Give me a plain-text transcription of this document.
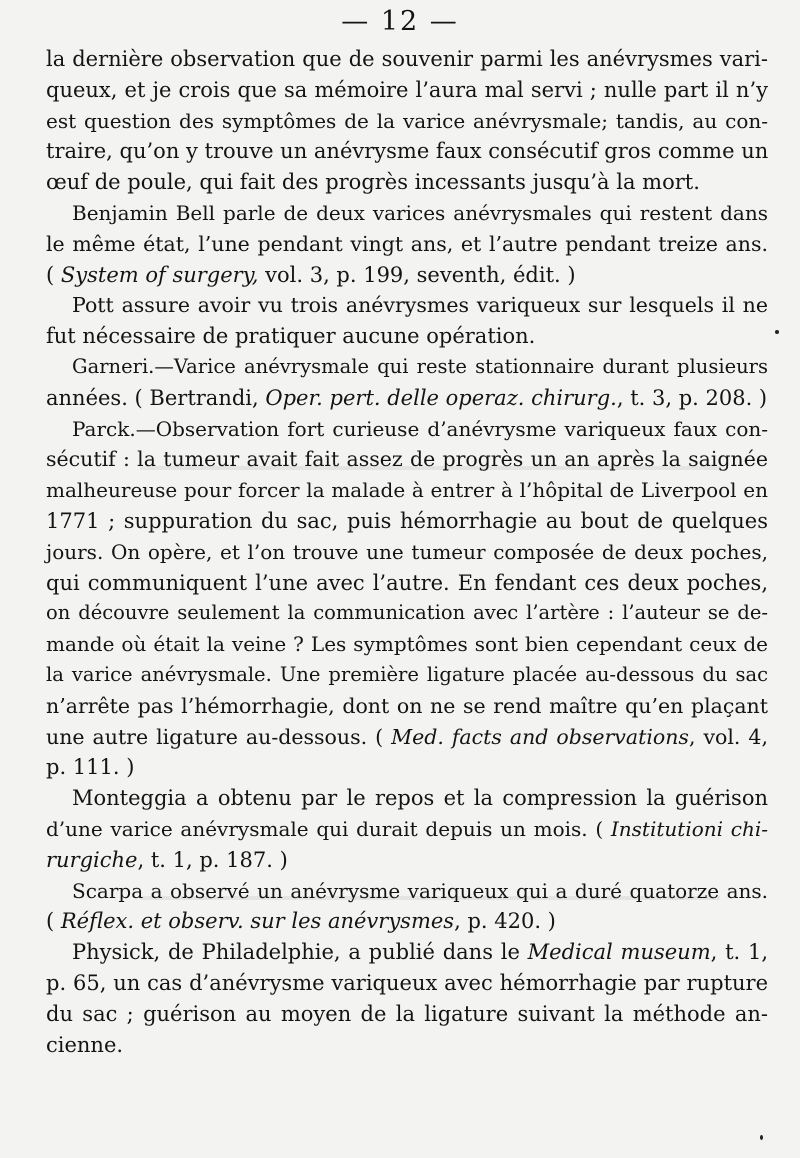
— 12 —
la dernière observation que de souvenir parmi les anévrysmes vari-
queux, et je crois que sa mémoire l’aura mal servi ; nulle part il n’y
est question des symptômes de la varice anévrysmale; tandis, au con-
traire, qu’on y trouve un anévrysme faux consécutif gros comme un
œuf de poule, qui fait des progrès incessants jusqu’à la mort.
Benjamin Bell parle de deux varices anévrysmales qui restent dans
le même état, l’une pendant vingt ans, et l’autre pendant treize ans.
( System of surgery, vol. 3, p. 199, seventh, édit. )
Pott assure avoir vu trois anévrysmes variqueux sur lesquels il ne
fut nécessaire de pratiquer aucune opération.
Garneri.—Varice anévrysmale qui reste stationnaire durant plusieurs
années. ( Bertrandi, Oper. pert. delle operaz. chirurg., t. 3, p. 208. )
Parck.—Observation fort curieuse d’anévrysme variqueux faux con-
sécutif : la tumeur avait fait assez de progrès un an après la saignée
malheureuse pour forcer la malade à entrer à l’hôpital de Liverpool en
1771 ; suppuration du sac, puis hémorrhagie au bout de quelques
jours. On opère, et l’on trouve une tumeur composée de deux poches,
qui communiquent l’une avec l’autre. En fendant ces deux poches,
on découvre seulement la communication avec l’artère : l’auteur se de-
mande où était la veine ? Les symptômes sont bien cependant ceux de
la varice anévrysmale. Une première ligature placée au-dessous du sac
n’arrête pas l’hémorrhagie, dont on ne se rend maître qu’en plaçant
une autre ligature au-dessous. ( Med. facts and observations, vol. 4,
p. 111. )
Monteggia a obtenu par le repos et la compression la guérison
d’une varice anévrysmale qui durait depuis un mois. ( Institutioni chi-
rurgiche, t. 1, p. 187. )
Scarpa a observé un anévrysme variqueux qui a duré quatorze ans.
( Réflex. et observ. sur les anévrysmes, p. 420. )
Physick, de Philadelphie, a publié dans le Medical museum, t. 1,
p. 65, un cas d’anévrysme variqueux avec hémorrhagie par rupture
du sac ; guérison au moyen de la ligature suivant la méthode an-
cienne.
